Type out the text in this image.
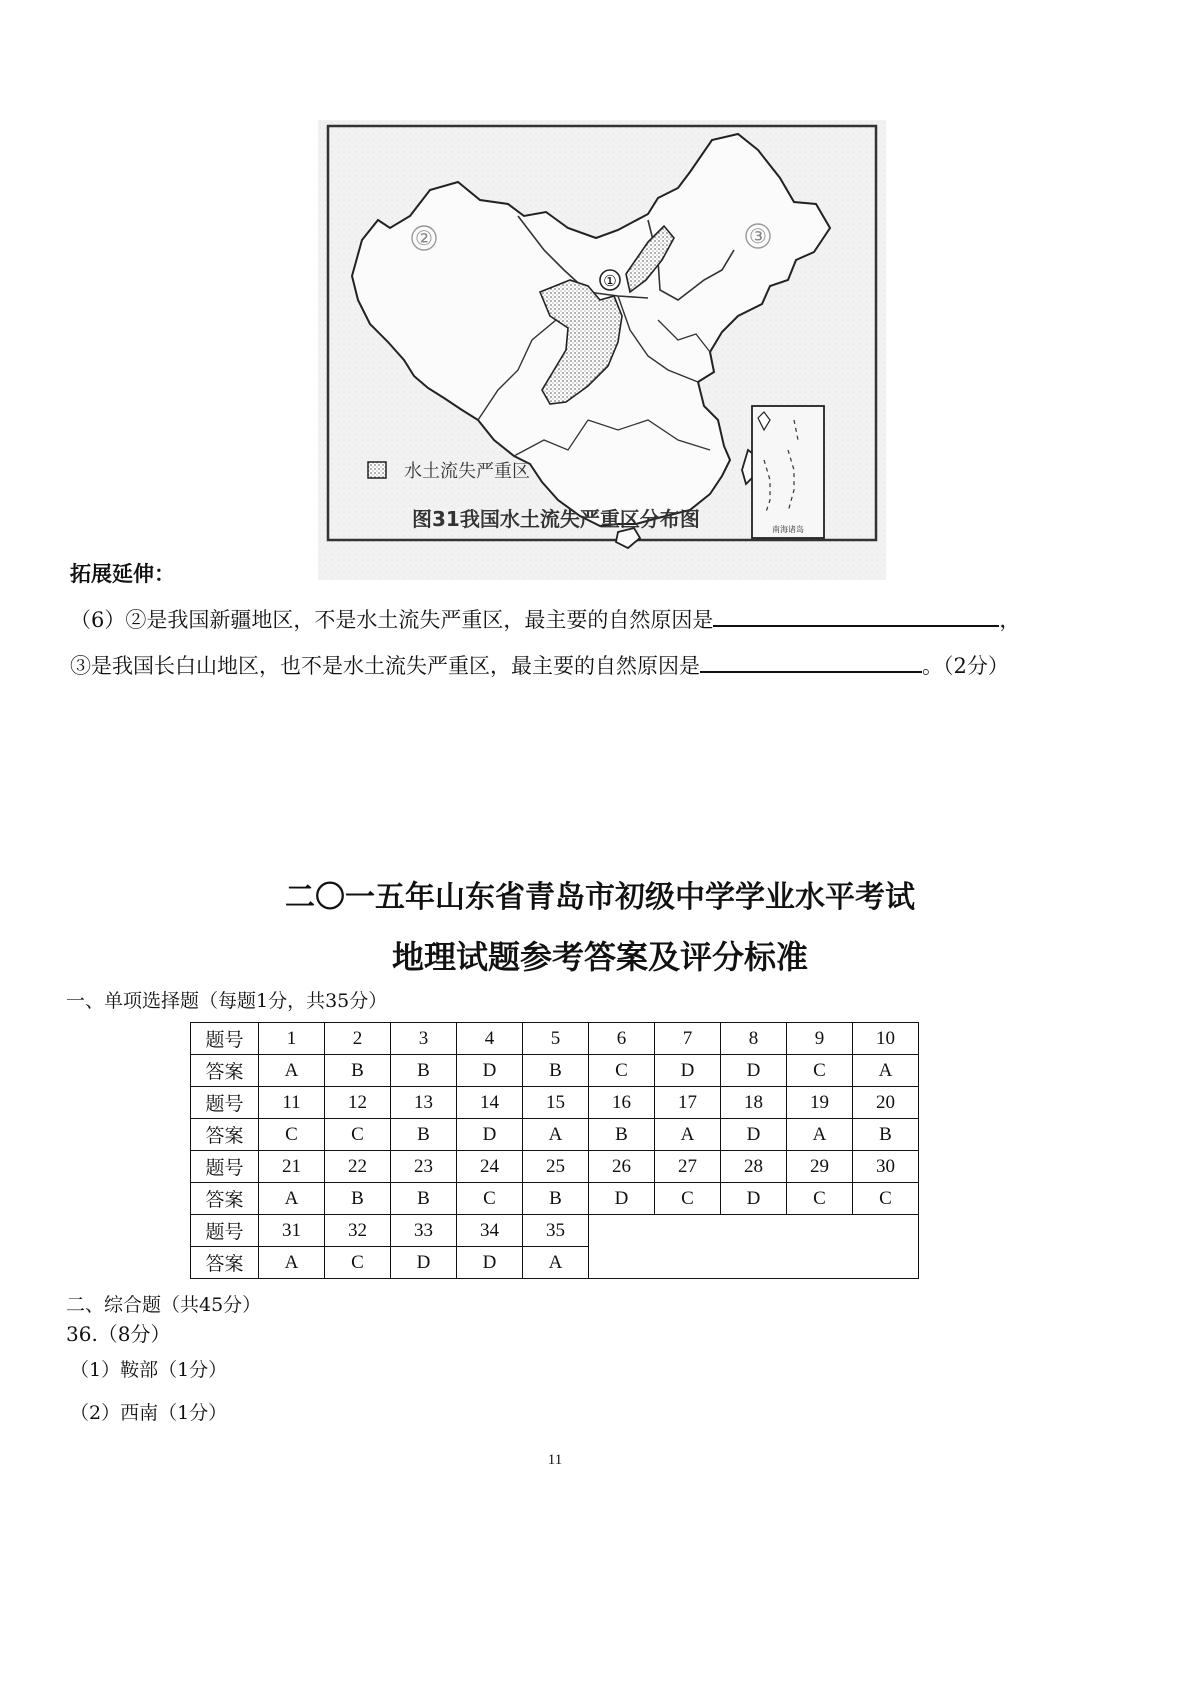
①
②	③
水土流失严重区
南海诸岛
图31我国水土流失严重区分布图
拓展延伸：
（6）②是我国新疆地区，不是水土流失严重区，最主要的自然原因是	，
③是我国长白山地区，也不是水土流失严重区，最主要的自然原因是	。（2分）
二〇一五年山东省青岛市初级中学学业水平考试
地理试题参考答案及评分标准
一、单项选择题（每题1分，共35分）
题号	1	2	3	4	5	6	7	8	9	10
答案	A	B	B	D	B	C	D	D	C	A
题号	11	12	13	14	15	16	17	18	19	20
答案	C	C	B	D	A	B	A	D	A	B
题号	21	22	23	24	25	26	27	28	29	30
答案	A	B	B	C	B	D	C	D	C	C
题号	31	32	33	34	35					
答案	A	C	D	D	A					
二、综合题（共45分）
36.（8分）
（1）鞍部（1分）
（2）西南（1分）
11
